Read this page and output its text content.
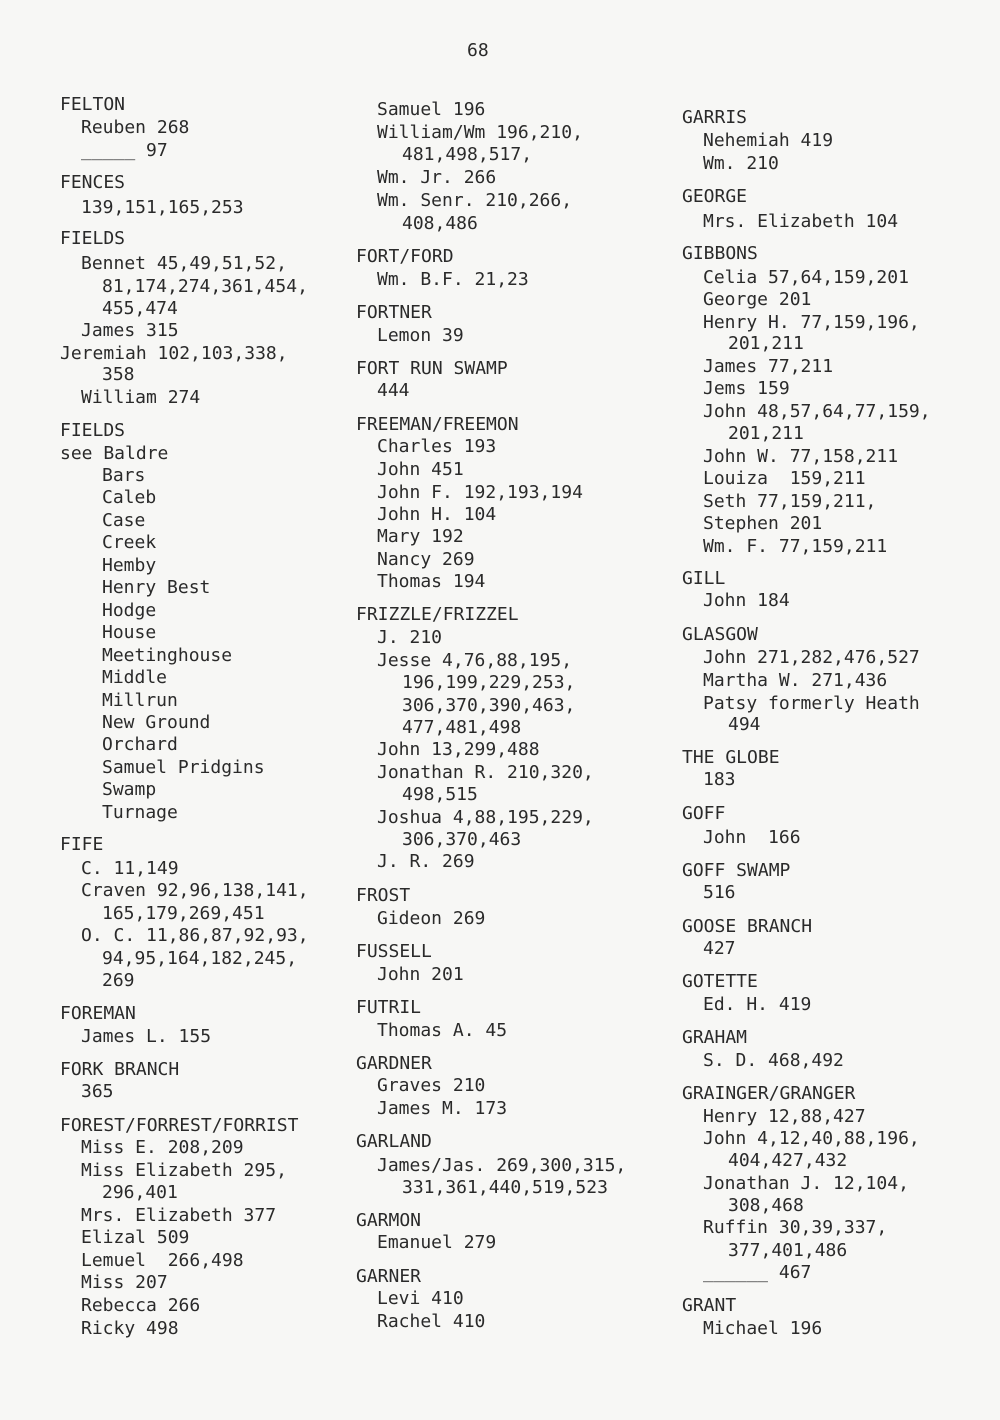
68
FELTON
Reuben 268
_____ 97
FENCES
139,151,165,253
FIELDS
Bennet 45,49,51,52,
81,174,274,361,454,
455,474
James 315
Jeremiah 102,103,338,
358
William 274
FIELDS
see Baldre
Bars
Caleb
Case
Creek
Hemby
Henry Best
Hodge
House
Meetinghouse
Middle
Millrun
New Ground
Orchard
Samuel Pridgins
Swamp
Turnage
FIFE
C. 11,149
Craven 92,96,138,141,
165,179,269,451
O. C. 11,86,87,92,93,
94,95,164,182,245,
269
FOREMAN
James L. 155
FORK BRANCH
365
FOREST/FORREST/FORRIST
Miss E. 208,209
Miss Elizabeth 295,
296,401
Mrs. Elizabeth 377
Elizal 509
Lemuel  266,498
Miss 207
Rebecca 266
Ricky 498
Samuel 196
William/Wm 196,210,
481,498,517,
Wm. Jr. 266
Wm. Senr. 210,266,
408,486
FORT/FORD
Wm. B.F. 21,23
FORTNER
Lemon 39
FORT RUN SWAMP
444
FREEMAN/FREEMON
Charles 193
John 451
John F. 192,193,194
John H. 104
Mary 192
Nancy 269
Thomas 194
FRIZZLE/FRIZZEL
J. 210
Jesse 4,76,88,195,
196,199,229,253,
306,370,390,463,
477,481,498
John 13,299,488
Jonathan R. 210,320,
498,515
Joshua 4,88,195,229,
306,370,463
J. R. 269
FROST
Gideon 269
FUSSELL
John 201
FUTRIL
Thomas A. 45
GARDNER
Graves 210
James M. 173
GARLAND
James/Jas. 269,300,315,
331,361,440,519,523
GARMON
Emanuel 279
GARNER
Levi 410
Rachel 410
GARRIS
Nehemiah 419
Wm. 210
GEORGE
Mrs. Elizabeth 104
GIBBONS
Celia 57,64,159,201
George 201
Henry H. 77,159,196,
201,211
James 77,211
Jems 159
John 48,57,64,77,159,
201,211
John W. 77,158,211
Louiza  159,211
Seth 77,159,211,
Stephen 201
Wm. F. 77,159,211
GILL
John 184
GLASGOW
John 271,282,476,527
Martha W. 271,436
Patsy formerly Heath
494
THE GLOBE
183
GOFF
John  166
GOFF SWAMP
516
GOOSE BRANCH
427
GOTETTE
Ed. H. 419
GRAHAM
S. D. 468,492
GRAINGER/GRANGER
Henry 12,88,427
John 4,12,40,88,196,
404,427,432
Jonathan J. 12,104,
308,468
Ruffin 30,39,337,
377,401,486
______ 467
GRANT
Michael 196
